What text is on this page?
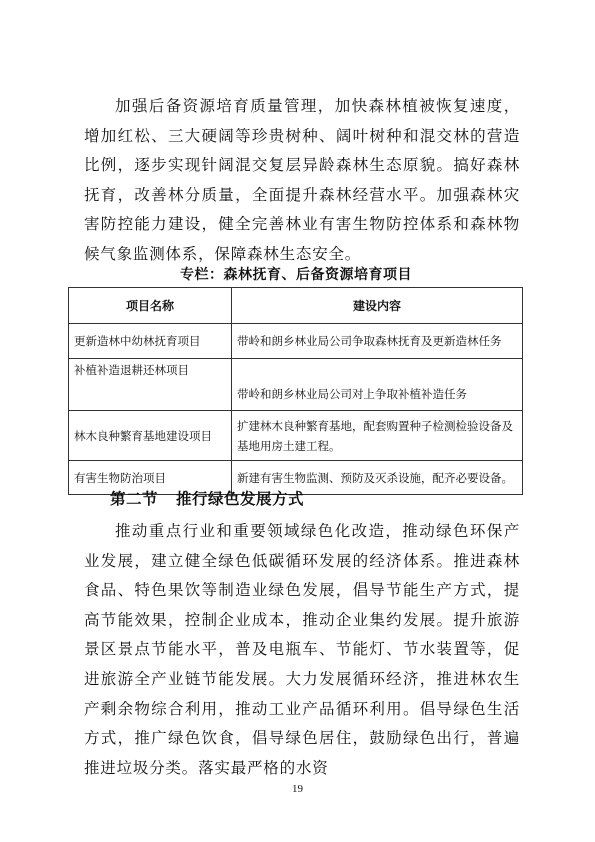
加强后备资源培育质量管理，加快森林植被恢复速度，增加红松、三大硬阔等珍贵树种、阔叶树种和混交林的营造比例，逐步实现针阔混交复层异龄森林生态原貌。搞好森林抚育，改善林分质量，全面提升森林经营水平。加强森林灾害防控能力建设，健全完善林业有害生物防控体系和森林物候气象监测体系，保障森林生态安全。

专栏：森林抚育、后备资源培育项目
项目名称	建设内容
更新造林中幼林抚育项目	带岭和朗乡林业局公司争取森林抚育及更新造林任务
补植补造退耕还林项目	带岭和朗乡林业局公司对上争取补植补造任务
林木良种繁育基地建设项目	扩建林木良种繁育基地，配套购置种子检测检验设备及基地用房土建工程。
有害生物防治项目	新建有害生物监测、预防及灭杀设施，配齐必要设备。
第二节 推行绿色发展方式

推动重点行业和重要领域绿色化改造，推动绿色环保产业发展，建立健全绿色低碳循环发展的经济体系。推进森林食品、特色果饮等制造业绿色发展，倡导节能生产方式，提高节能效果，控制企业成本，推动企业集约发展。提升旅游景区景点节能水平，普及电瓶车、节能灯、节水装置等，促进旅游全产业链节能发展。大力发展循环经济，推进林农生产剩余物综合利用，推动工业产品循环利用。倡导绿色生活方式，推广绿色饮食，倡导绿色居住，鼓励绿色出行，普遍推进垃圾分类。落实最严格的水资

19
